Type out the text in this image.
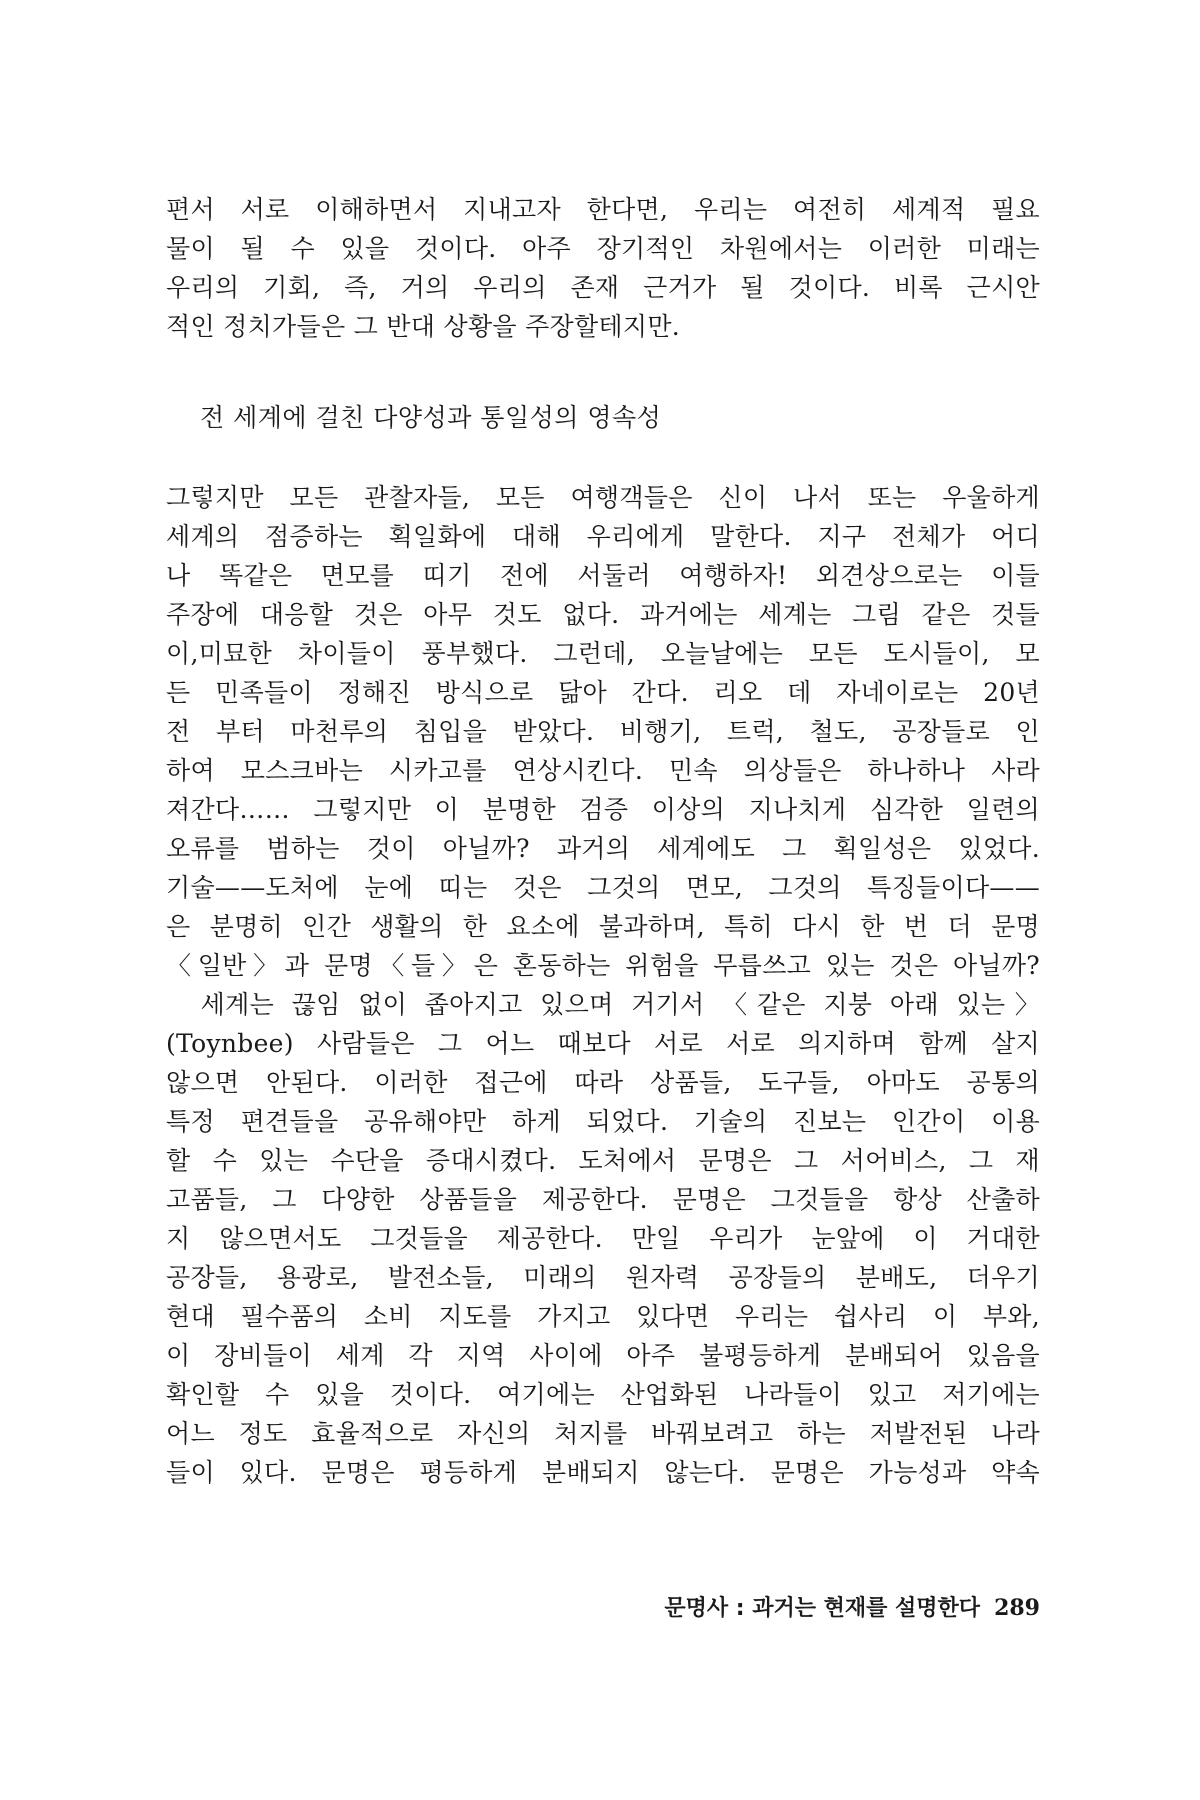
편서 서로 이해하면서 지내고자 한다면, 우리는 여전히 세계적 필요
물이 될 수 있을 것이다. 아주 장기적인 차원에서는 이러한 미래는
우리의 기회, 즉, 거의 우리의 존재 근거가 될 것이다. 비록 근시안
적인 정치가들은 그 반대 상황을 주장할테지만.
전 세계에 걸친 다양성과 통일성의 영속성
그렇지만 모든 관찰자들, 모든 여행객들은 신이 나서 또는 우울하게
세계의 점증하는 획일화에 대해 우리에게 말한다. 지구 전체가 어디
나 똑같은 면모를 띠기 전에 서둘러 여행하자! 외견상으로는 이들
주장에 대응할 것은 아무 것도 없다. 과거에는 세계는 그림 같은 것들
이,미묘한 차이들이 풍부했다. 그런데, 오늘날에는 모든 도시들이, 모
든 민족들이 정해진 방식으로 닮아 간다. 리오 데 자네이로는 20년
전 부터 마천루의 침입을 받았다. 비행기, 트럭, 철도, 공장들로 인
하여 모스크바는 시카고를 연상시킨다. 민속 의상들은 하나하나 사라
져간다…… 그렇지만 이 분명한 검증 이상의 지나치게 심각한 일련의
오류를 범하는 것이 아닐까? 과거의 세계에도 그 획일성은 있었다.
기술——도처에 눈에 띠는 것은 그것의 면모, 그것의 특징들이다——
은 분명히 인간 생활의 한 요소에 불과하며, 특히 다시 한 번 더 문명
〈일반〉과 문명〈들〉은 혼동하는 위험을 무릅쓰고 있는 것은 아닐까?
　세계는 끊임 없이 좁아지고 있으며 거기서 〈같은 지붕 아래 있는〉
(Toynbee) 사람들은 그 어느 때보다 서로 서로 의지하며 함께 살지
않으면 안된다. 이러한 접근에 따라 상품들, 도구들, 아마도 공통의
특정 편견들을 공유해야만 하게 되었다. 기술의 진보는 인간이 이용
할 수 있는 수단을 증대시켰다. 도처에서 문명은 그 서어비스, 그 재
고품들, 그 다양한 상품들을 제공한다. 문명은 그것들을 항상 산출하
지 않으면서도 그것들을 제공한다. 만일 우리가 눈앞에 이 거대한
공장들, 용광로, 발전소들, 미래의 원자력 공장들의 분배도, 더우기
현대 필수품의 소비 지도를 가지고 있다면 우리는 쉽사리 이 부와,
이 장비들이 세계 각 지역 사이에 아주 불평등하게 분배되어 있음을
확인할 수 있을 것이다. 여기에는 산업화된 나라들이 있고 저기에는
어느 정도 효율적으로 자신의 처지를 바꿔보려고 하는 저발전된 나라
들이 있다. 문명은 평등하게 분배되지 않는다. 문명은 가능성과 약속
문명사 : 과거는 현재를 설명한다 289
